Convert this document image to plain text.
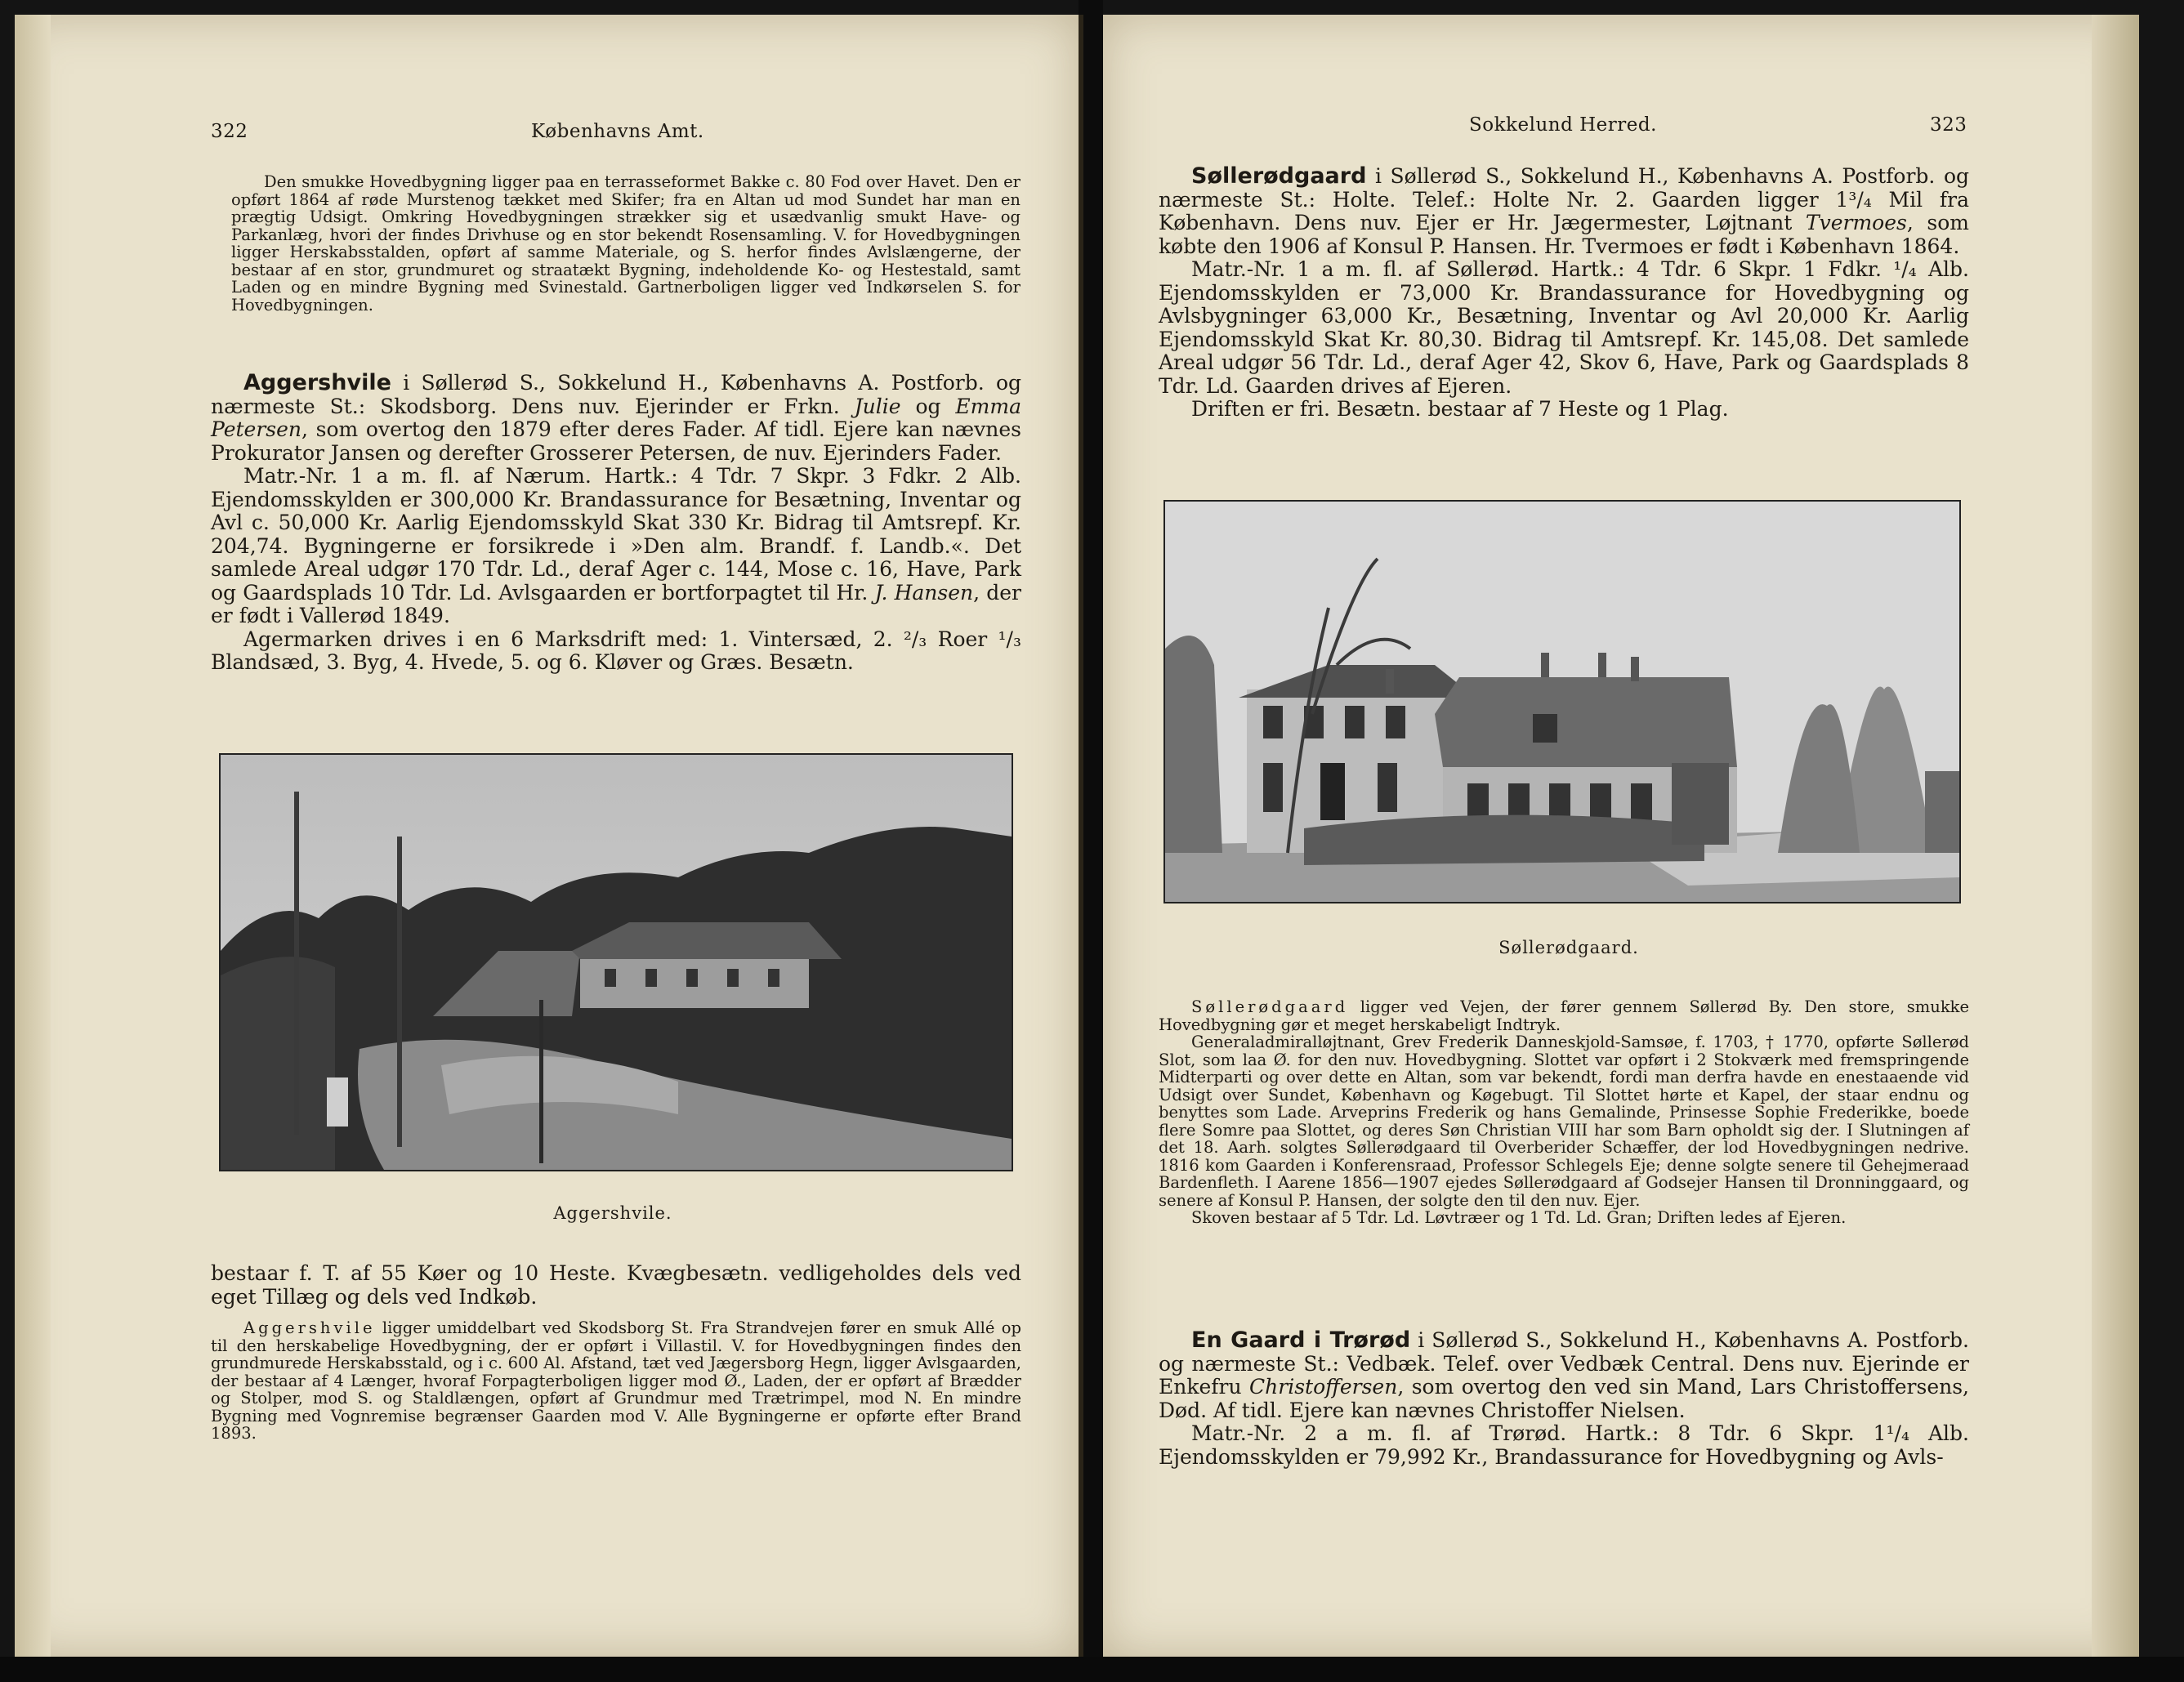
322	Københavns Amt.

Den smukke Hovedbygning ligger paa en terrasseformet Bakke c. 80 Fod over Havet. Den er opført 1864 af røde Murstenog tækket med Skifer; fra en Altan ud mod Sundet har man en prægtig Udsigt. Omkring Hovedbygningen strækker sig et usædvanlig smukt Have- og Parkanlæg, hvori der findes Drivhuse og en stor bekendt Rosensamling. V. for Hovedbygningen ligger Herskabsstalden, opført af samme Materiale, og S. herfor findes Avlslængerne, der bestaar af en stor, grundmuret og straatækt Bygning, indeholdende Ko- og Hestestald, samt Laden og en mindre Bygning med Svinestald. Gartnerboligen ligger ved Indkørselen S. for Hovedbygningen.

Aggershvile i Søllerød S., Sokkelund H., Københavns A. Postforb. og nærmeste St.: Skodsborg. Dens nuv. Ejerinder er Frkn. Julie og Emma Petersen, som overtog den 1879 efter deres Fader. Af tidl. Ejere kan nævnes Prokurator Jansen og derefter Grosserer Petersen, de nuv. Ejerinders Fader.

Matr.-Nr. 1 a m. fl. af Nærum. Hartk.: 4 Tdr. 7 Skpr. 3 Fdkr. 2 Alb. Ejendomsskylden er 300,000 Kr. Brandassurance for Besætning, Inventar og Avl c. 50,000 Kr. Aarlig Ejendomsskyld Skat 330 Kr. Bidrag til Amtsrepf. Kr. 204,74. Bygningerne er forsikrede i »Den alm. Brandf. f. Landb.«. Det samlede Areal udgør 170 Tdr. Ld., deraf Ager c. 144, Mose c. 16, Have, Park og Gaardsplads 10 Tdr. Ld. Avlsgaarden er bortforpagtet til Hr. J. Hansen, der er født i Vallerød 1849.

Agermarken drives i en 6 Marksdrift med: 1. Vintersæd, 2. ²/₃ Roer ¹/₃ Blandsæd, 3. Byg, 4. Hvede, 5. og 6. Kløver og Græs. Besætn.

Aggershvile.

bestaar f. T. af 55 Køer og 10 Heste. Kvægbesætn. vedligeholdes dels ved eget Tillæg og dels ved Indkøb.

Aggershvile ligger umiddelbart ved Skodsborg St. Fra Strandvejen fører en smuk Allé op til den herskabelige Hovedbygning, der er opført i Villastil. V. for Hovedbygningen findes den grundmurede Herskabsstald, og i c. 600 Al. Afstand, tæt ved Jægersborg Hegn, ligger Avlsgaarden, der bestaar af 4 Længer, hvoraf Forpagterboligen ligger mod Ø., Laden, der er opført af Brædder og Stolper, mod S. og Staldlængen, opført af Grundmur med Trætrimpel, mod N. En mindre Bygning med Vognremise begrænser Gaarden mod V. Alle Bygningerne er opførte efter Brand 1893.

Sokkelund Herred.	323

Søllerødgaard i Søllerød S., Sokkelund H., Københavns A. Postforb. og nærmeste St.: Holte. Telef.: Holte Nr. 2. Gaarden ligger 1³/₄ Mil fra København. Dens nuv. Ejer er Hr. Jægermester, Løjtnant Tvermoes, som købte den 1906 af Konsul P. Hansen. Hr. Tvermoes er født i København 1864.

Matr.-Nr. 1 a m. fl. af Søllerød. Hartk.: 4 Tdr. 6 Skpr. 1 Fdkr. ¹/₄ Alb. Ejendomsskylden er 73,000 Kr. Brandassurance for Hovedbygning og Avlsbygninger 63,000 Kr., Besætning, Inventar og Avl 20,000 Kr. Aarlig Ejendomsskyld Skat Kr. 80,30. Bidrag til Amtsrepf. Kr. 145,08. Det samlede Areal udgør 56 Tdr. Ld., deraf Ager 42, Skov 6, Have, Park og Gaardsplads 8 Tdr. Ld. Gaarden drives af Ejeren.

Driften er fri. Besætn. bestaar af 7 Heste og 1 Plag.

Søllerødgaard.

Søllerødgaard ligger ved Vejen, der fører gennem Søllerød By. Den store, smukke Hovedbygning gør et meget herskabeligt Indtryk.

Generaladmiralløjtnant, Grev Frederik Danneskjold-Samsøe, f. 1703, † 1770, opførte Søllerød Slot, som laa Ø. for den nuv. Hovedbygning. Slottet var opført i 2 Stokværk med fremspringende Midterparti og over dette en Altan, som var bekendt, fordi man derfra havde en enestaaende vid Udsigt over Sundet, København og Køgebugt. Til Slottet hørte et Kapel, der staar endnu og benyttes som Lade. Arveprins Frederik og hans Gemalinde, Prinsesse Sophie Frederikke, boede flere Somre paa Slottet, og deres Søn Christian VIII har som Barn opholdt sig der. I Slutningen af det 18. Aarh. solgtes Søllerødgaard til Overberider Schæffer, der lod Hovedbygningen nedrive. 1816 kom Gaarden i Konferensraad, Professor Schlegels Eje; denne solgte senere til Gehejmeraad Bardenfleth. I Aarene 1856—1907 ejedes Søllerødgaard af Godsejer Hansen til Dronninggaard, og senere af Konsul P. Hansen, der solgte den til den nuv. Ejer.

Skoven bestaar af 5 Tdr. Ld. Løvtræer og 1 Td. Ld. Gran; Driften ledes af Ejeren.

En Gaard i Trørød i Søllerød S., Sokkelund H., Københavns A. Postforb. og nærmeste St.: Vedbæk. Telef. over Vedbæk Central. Dens nuv. Ejerinde er Enkefru Christoffersen, som overtog den ved sin Mand, Lars Christoffersens, Død. Af tidl. Ejere kan nævnes Christoffer Nielsen.

Matr.-Nr. 2 a m. fl. af Trørød. Hartk.: 8 Tdr. 6 Skpr. 1¹/₄ Alb. Ejendomsskylden er 79,992 Kr., Brandassurance for Hovedbygning og Avls-
